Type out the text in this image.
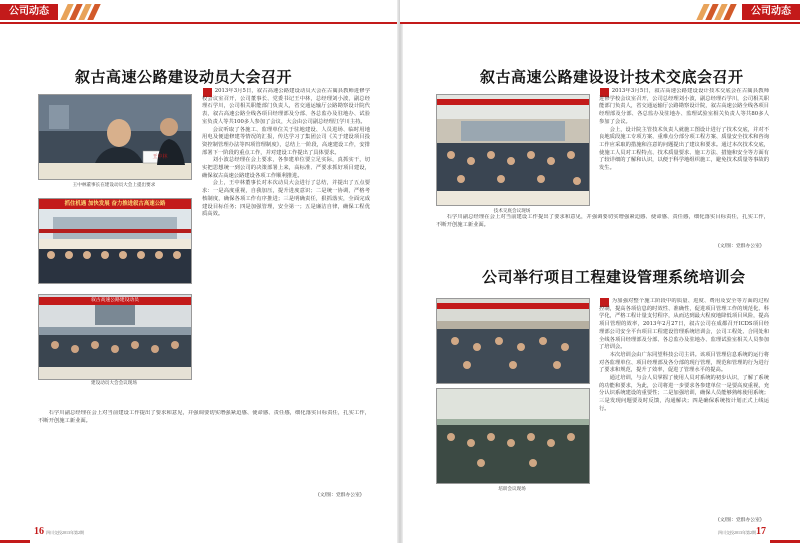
公司动态
叙古高速公路建设动员大会召开
王中林
王中林董事长在建设动员大会上提出要求
抓住机遇 加快发展 奋力推进叙古高速公路
叙古高速公路建设动员
建设动员大会会议现场

2013年3月5日，叙古高速公路建设动员大会在古蔺县教师进修学校会议室召开，公司董事长、党委书记王中林，总经理刘小波，副总经理石学川，公司相关职能部门负责人，省交通运输厅公路勘察设计院代表，叙古高速公路全线各项目经理部及分部、各总监办及驻地办、试验室负责人等共100多人参加了会议，大会由公司副总经理江学川主持。

会议听取了各施工、监理单位关于驻地建设、人员进场、临时用地用电及便道修建等情况的汇报，传达学习了集团公司《关于建设项目投资控制管理办法等四项管理制度》，总结上一阶段，高速建设工作，安排部署下一阶段的重点工作，并对建设工作提出了具体要求。

刘小波总经理在会上要求，各参建单位要立足实际，真抓实干，切实把思想统一到公司的决策部署上来，高标准、严要求抓好项目建设，确保叙古高速公路建设各项工作顺利推进。

会上，王中林董事长对本次动员大会进行了总结，并提出了五点要求：一是高度重视，自我加压，提升进度意识；二是统一协调，严格考核制度，确保各项工作有序推进；三是明确责任，狠抓落实，全面完成建设目标任务；四是加强管理，安全第一；五是廉洁自律，确保工程优质高效。

石学川副总经理在会上对当前建设工作提出了要求和意见，并强调要切实增强紧迫感、使命感、责任感，细化落实目标责任，扎实工作，不断开创施工新业面。

(文/图：党群办公室)
16 四川交投2013年第2期
公司动态
叙古高速公路建设设计技术交底会召开
技术交底会议现场

2013年3月5日，叙古高速公路建设设计技术交底会在古蔺县教师进修学校会议室召开，公司总经理刘小波，副总经理石学川，公司相关职能部门负责人，省交通运输厅公路勘察设计院，叙古高速公路全线各项目经理部及分部、各总监办及驻地办、监理试验室相关负责人等共80多人参加了会议。

会上，设计院主管技术负责人就施工图设计进行了技术交底，并对不良地质段施工专项方案、重难点分部分项工程方案、质量安全技术和咨询工作应采取的措施和注意的问题提出了建议和要求。通过本次技术交底，使施工人员对工程特点、技术质量要求、施工方法、措施和安全等方面有了较详细的了解和认识，以便于科学地组织施工，避免技术质量等事故的发生。

石学川副总经理在会上对当前建设工作提出了要求和意见，并强调要切实增强紧迫感、使命感、责任感，细化落实目标责任，扎实工作，不断开创施工新业面。

(文/图：党群办公室)
公司举行项目工程建设管理系统培训会
培训会议现场

为加强对整个施工阶段中的质量、进度、费用及安全等方面的过程控制，提高各项信息的时效性、准确性，促进项目管理工作的规范化、科学化，严格工程计量支付程序，从而达到最大程度地降低项目风险，提高项目管理的效率，2013年2月27日，叙古公司在成都召开ICDS项目经理部公司安全平台项目工程建设管理系统培训会，公司工程处、合同处和全线各项目经理部及分部、各总监办及驻地办、监理试验室相关人员参加了培训会。

本次培训会由广东同望科技公司主讲。该项目管理信息系统的运行将对各监理单位、项目经理部及各分部的现行管理，规范和管理的行为进行了要求和规范，提升了效率，促进了管理水平的提高。

通过培训，与会人员掌握了使用人员对系统的初步认识，了解了系统的功能和要求，为此，公司将进一步要求各参建单位一是要高度重视，充分认识系统建设的重要性；二是加强培训，确保人员能够熟练使用系统；三是发现问题要及时反馈，沟通解决；四是确保系统按计划正式上线运行。

(文/图：党群办公室)
四川交投2013年第2期17
